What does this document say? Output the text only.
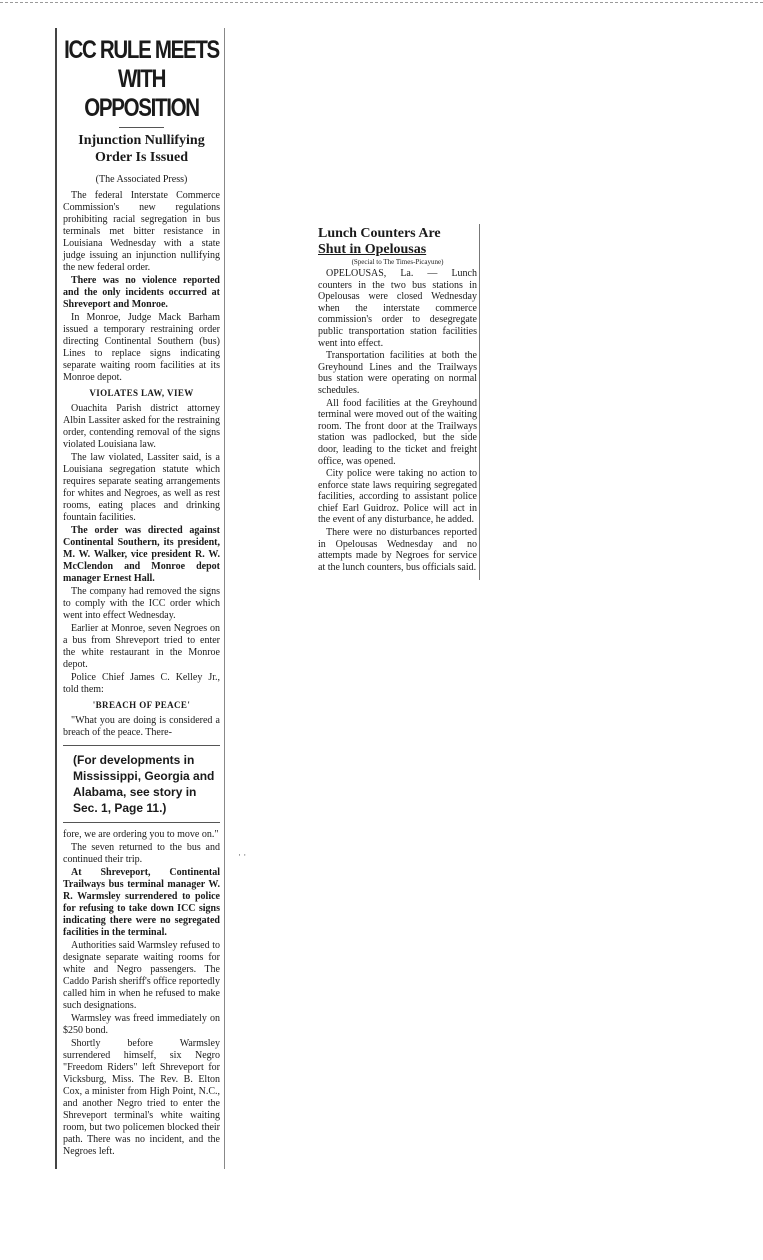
ICC RULE MEETS
WITH OPPOSITION
Injunction Nullifying Order Is Issued
(The Associated Press)

The federal Interstate Commerce Commission's new regulations prohibiting racial segregation in bus terminals met bitter resistance in Louisiana Wednesday with a state judge issuing an injunction nullifying the new federal order.

There was no violence reported and the only incidents occurred at Shreveport and Monroe.

In Monroe, Judge Mack Barham issued a temporary restraining order directing Continental Southern (bus) Lines to replace signs indicating separate waiting room facilities at its Monroe depot.

VIOLATES LAW, VIEW

Ouachita Parish district attorney Albin Lassiter asked for the restraining order, contending removal of the signs violated Louisiana law.

The law violated, Lassiter said, is a Louisiana segregation statute which requires separate seating arrangements for whites and Negroes, as well as rest rooms, eating places and drinking fountain facilities.

The order was directed against Continental Southern, its president, M. W. Walker, vice president R. W. McClendon and Monroe depot manager Ernest Hall.

The company had removed the signs to comply with the ICC order which went into effect Wednesday.

Earlier at Monroe, seven Negroes on a bus from Shreveport tried to enter the white restaurant in the Monroe depot.

Police Chief James C. Kelley Jr., told them:

'BREACH OF PEACE'

"What you are doing is considered a breach of the peace. There-

(For developments in Mississippi, Georgia and Alabama, see story in Sec. 1, Page 11.)

fore, we are ordering you to move on."

The seven returned to the bus and continued their trip.

At Shreveport, Continental Trailways bus terminal manager W. R. Warmsley surrendered to police for refusing to take down ICC signs indicating there were no segregated facilities in the terminal.

Authorities said Warmsley refused to designate separate waiting rooms for white and Negro passengers. The Caddo Parish sheriff's office reportedly called him in when he refused to make such designations.

Warmsley was freed immediately on $250 bond.

Shortly before Warmsley surrendered himself, six Negro "Freedom Riders" left Shreveport for Vicksburg, Miss. The Rev. B. Elton Cox, a minister from High Point, N.C., and another Negro tried to enter the Shreveport terminal's white waiting room, but two policemen blocked their path. There was no incident, and the Negroes left.

Lunch Counters Are
Shut in Opelousas
(Special to The Times-Picayune)

OPELOUSAS, La. — Lunch counters in the two bus stations in Opelousas were closed Wednesday when the interstate commerce commission's order to desegregate public transportation station facilities went into effect.

Transportation facilities at both the Greyhound Lines and the Trailways bus station were operating on normal schedules.

All food facilities at the Greyhound terminal were moved out of the waiting room. The front door at the Trailways station was padlocked, but the side door, leading to the ticket and freight office, was opened.

City police were taking no action to enforce state laws requiring segregated facilities, according to assistant police chief Earl Guidroz. Police will act in the event of any disturbance, he added.

There were no disturbances reported in Opelousas Wednesday and no attempts made by Negroes for service at the lunch counters, bus officials said.

· ·
